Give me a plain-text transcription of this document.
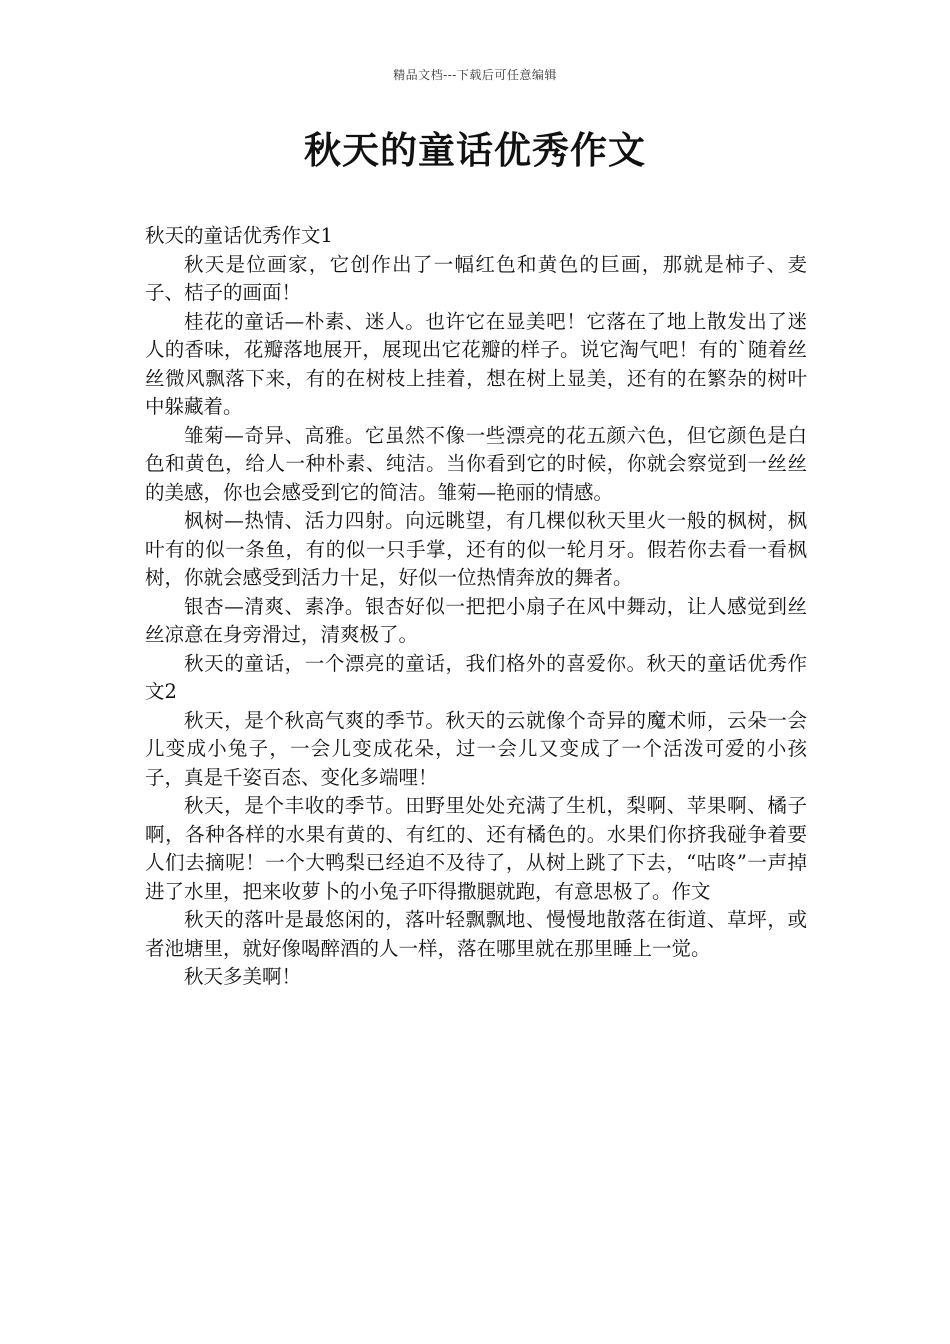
精品文档---下载后可任意编辑
秋天的童话优秀作文

秋天的童话优秀作文1

秋天是位画家，它创作出了一幅红色和黄色的巨画，那就是柿子、麦子、桔子的画面！

桂花的童话—朴素、迷人。也许它在显美吧！它落在了地上散发出了迷人的香味，花瓣落地展开，展现出它花瓣的样子。说它淘气吧！有的`随着丝丝微风飘落下来，有的在树枝上挂着，想在树上显美，还有的在繁杂的树叶中躲藏着。

雏菊—奇异、高雅。它虽然不像一些漂亮的花五颜六色，但它颜色是白色和黄色，给人一种朴素、纯洁。当你看到它的时候，你就会察觉到一丝丝的美感，你也会感受到它的简洁。雏菊—艳丽的情感。

枫树—热情、活力四射。向远眺望，有几棵似秋天里火一般的枫树，枫叶有的似一条鱼，有的似一只手掌，还有的似一轮月牙。假若你去看一看枫树，你就会感受到活力十足，好似一位热情奔放的舞者。

银杏—清爽、素净。银杏好似一把把小扇子在风中舞动，让人感觉到丝丝凉意在身旁滑过，清爽极了。

秋天的童话，一个漂亮的童话，我们格外的喜爱你。秋天的童话优秀作文2

秋天，是个秋高气爽的季节。秋天的云就像个奇异的魔术师，云朵一会儿变成小兔子，一会儿变成花朵，过一会儿又变成了一个活泼可爱的小孩子，真是千姿百态、变化多端哩！

秋天，是个丰收的季节。田野里处处充满了生机，梨啊、苹果啊、橘子啊，各种各样的水果有黄的、有红的、还有橘色的。水果们你挤我碰争着要人们去摘呢！一个大鸭梨已经迫不及待了，从树上跳了下去，“咕咚”一声掉进了水里，把来收萝卜的小兔子吓得撒腿就跑，有意思极了。作文

秋天的落叶是最悠闲的，落叶轻飘飘地、慢慢地散落在街道、草坪，或者池塘里，就好像喝醉酒的人一样，落在哪里就在那里睡上一觉。

秋天多美啊！
